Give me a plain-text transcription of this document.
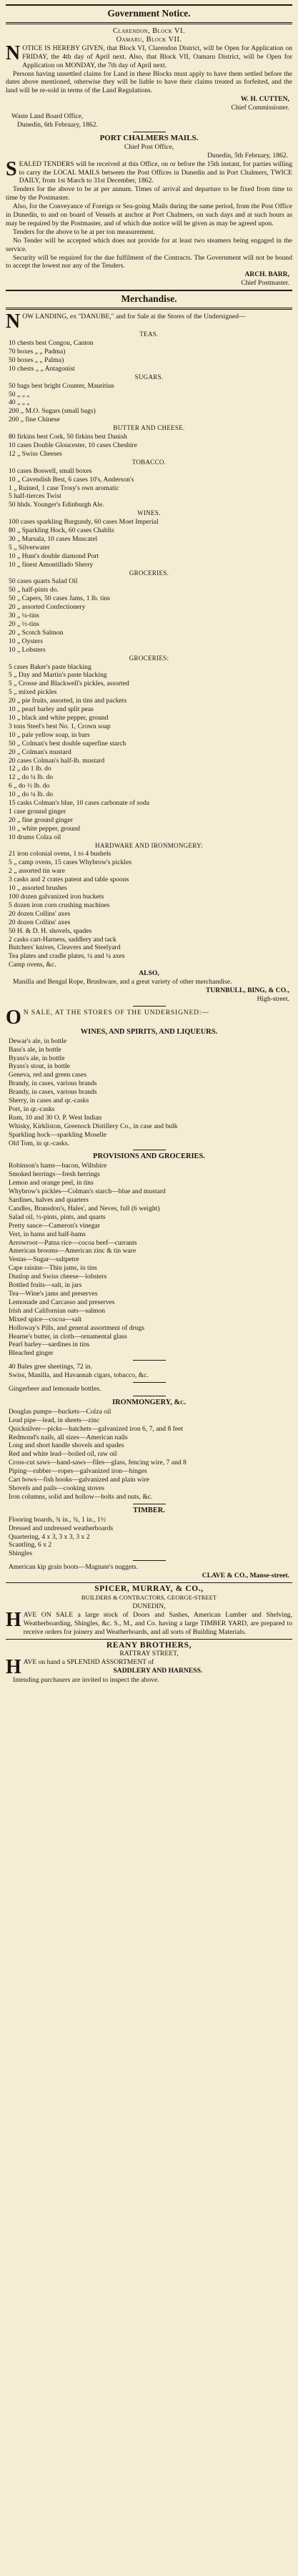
Government Notice.
Clarendon, Block VI.
Oamaru, Block VII.
N OTICE IS HEREBY GIVEN, that Block VI, Clarendon District, will be Open for Application on FRIDAY, the 4th day of April next. Also, that Block VII, Oamaru District, will be Open for Application on MONDAY, the 7th day of April next.

Persons having unsettled claims for Land in these Blocks must apply to have them settled before the dates above mentioned, otherwise they will be liable to have their claims treated as forfeited, and the land will be re-sold in terms of the Land Regulations.

W. H. CUTTEN,
Chief Commissioner.
Waste Land Board Office,
Dunedin, 6th February, 1862.
PORT CHALMERS MAILS.
Chief Post Office,
Dunedin, 5th February, 1862.
S EALED TENDERS will be received at this Office, on or before the 15th instant, for parties willing to carry the LOCAL MAILS between the Post Offices in Dunedin and in Port Chalmers, TWICE DAILY, from 1st March to 31st December, 1862.

Tenders for the above to be at per annum. Times of arrival and departure to be fixed from time to time by the Postmaster.

Also, for the Conveyance of Foreign or Sea-going Mails during the same period, from the Post Office in Dunedin, to and on board of Vessels at anchor at Port Chalmers, on such days and at such hours as may be required by the Postmaster, and of which due notice will be given as may be agreed upon.

Tenders for the above to be at per ton measurement.

No Tender will be accepted which does not provide for at least two steamers being engaged in the service.

Security will be required for the due fulfilment of the Contracts. The Government will not be bound to accept the lowest nor any of the Tenders.

ARCH. BARR,
Chief Postmaster.
Merchandise.
N OW LANDING, ex "DANUBE," and for Sale at the Stores of the Undersigned—

TEAS.
10 chests best Congou, Canton
70 boxes „ „ Padma)
50 boxes „ „ Palma)
10 chests „ „ Antagonist
SUGARS.
50 bags best bright Counter, Mauritius
50 „ „ „
40 „ „ „
200 „ M.O. Sugars (small bags)
200 „ fine Chinese
BUTTER AND CHEESE.
80 firkins best Cork, 50 firkins best Danish
10 cases Double Gloucester, 10 cases Cheshire
12 „ Swiss Cheeses
TOBACCO.
10 cases Boswell, small boxes
10 „ Cavendish Best, 6 cases 10's, Anderson's
1 „ Ruined, 1 case Trosy's own aromatic
5 half-tierces Twist
50 hhds. Younger's Edinburgh Ale.
WINES.
100 cases sparkling Burgundy, 60 cases Moet Imperial
80 „ Sparkling Hock, 60 cases Chablis
30 „ Marsala, 10 cases Muscatel
5 „ Silverwater
10 „ Hunt's double diamond Port
10 „ finest Amontillado Sherry
GROCERIES.
50 cases quarts Salad Oil
50 „ half-pints do.
50 „ Capers, 50 cases Jams, 1 lb. tins
20 „ assorted Confectionery
30 „ ¼-tins
20 „ ½-tins
20 „ Scotch Salmon
10 „ Oysters
10 „ Lobsters
GROCERIES:
5 cases Baker's paste blacking
5 „ Day and Martin's paste blacking
5 „ Crosse and Blackwell's pickles, assorted
5 „ mixed pickles
20 „ pie fruits, assorted, in tins and packets
10 „ pearl barley and split peas
10 „ black and white pepper, ground
3 tons Steel's best No. 1, Crown soap
10 „ pale yellow soap, in bars
50 „ Colman's best double superfine starch
20 „ Colman's mustard
20 cases Colman's half-lb. mustard
12 „ do 1 lb. do
12 „ do ¼ lb. do
6 „ do ½ lb. do
10 „ do ¼ lb. do
15 casks Colman's blue, 10 cases carbonate of soda
1 case ground ginger
20 „ fine ground ginger
10 „ white pepper, ground
10 drums Colza oil
HARDWARE AND IRONMONGERY:
21 iron colonial ovens, 1 to 4 bushels
5 „ camp ovens, 15 cases Whybrow's pickles
2 „ assorted tin ware
3 casks and 2 crates patent and table spoons
10 „ assorted brushes
100 dozen galvanized iron buckets
5 dozen iron corn crushing machines
20 dozen Collins' axes
20 dozen Collins' axes
50 H. & D. H. shovels, spades
2 casks cart-Harness, saddlery and tack
Butchers' knives, Cleavers and Steelyard
Tea plates and cradle plates, ¼ and ¼ axes
Camp ovens, &c.
ALSO,

Manilla and Bengal Rope, Brushware, and a great variety of other merchandise.

TURNBULL, BING, & CO.,
High-street.
O N SALE, AT THE STORES OF THE UNDERSIGNED:—

WINES, AND SPIRITS, AND LIQUEURS.
Dewar's ale, in bottle
Bass's ale, in bottle
Byass's ale, in bottle
Byass's stout, in bottle
Geneva, red and green cases
Brandy, in cases, various brands
Brandy, in cases, various brands
Sherry, in cases and qr.-casks
Port, in qr.-casks
Rum, 10 and 30 O. P. West Indian
Whisky, Kirkliston, Greenock Distillery Co., in case and bulk
Sparkling hock—sparkling Moselle
Old Tom, in qr.-casks.
PROVISIONS AND GROCERIES.
Robinson's hams—bacon, Wiltshire
Smoked herrings—fresh herrings
Lemon and orange peel, in tins
Whybrow's pickles—Colman's starch—blue and mustard
Sardines, halves and quarters
Candles, Bransdon's, Hales', and Neves, full (6 weight)
Salad oil, ½-pints, pints, and quarts
Pretty sauce—Cameron's vinegar
Vert, in hams and half-hams
Arrowroot—Patna rice—cocoa beef—currants
American brooms—American zinc & tin ware
Vestas—Sugar—saltpetre
Cape raisins—Thin jams, in tins
Dunlop and Swiss cheese—lobsters
Bottled fruits—salt, in jars
Tea—Wine's jams and preserves
Lemonade and Carcasso and preserves
Irish and Californian oats—salmon
Mixed spice—cocoa—salt
Holloway's Pills, and general assortment of drugs
Hearne's butter, in cloth—ornamental glass
Pearl barley—sardines in tins
Bleached ginger
40 Bales gree sheetings, 72 in.
Swiss, Manilla, and Havannah cigars, tobacco, &c.
Gingerbeer and lemonade bottles.
IRONMONGERY, &c.
Douglas pumps—buckets—Colza oil
Lead pipe—lead, in sheets—zinc
Quicksilver—picks—hatchets—galvanized iron 6, 7, and 8 feet
Redmond's nails, all sizes—American nails
Long and short handle shovels and spades
Red and white lead—boiled oil, raw oil
Cross-cut saws—hand-saws—files—glass, fencing wire, 7 and 8
Piping—rubber—ropes—galvanized iron—hinges
Cart bows—fish hooks—galvanized and plain wire
Shovels and pails—cooking stoves
Iron columns, solid and hollow—bolts and nuts, &c.
TIMBER.
Flooring boards, ¾ in., ¾, 1 in., 1½
Dressed and undressed weatherboards
Quartering, 4 x 3, 3 x 3, 3 x 2
Scantling, 6 x 2
Shingles
American kip grain boots—Magnate's nuggets.
CLAVE & CO., Manse-street.
SPICER, MURRAY, & CO.,
BUILDERS & CONTRACTORS, GEORGE-STREET
DUNEDIN,
H AVE ON SALE a large stock of Doors and Sashes, American Lumber and Shelving, Weatherboarding, Shingles, &c. S., M., and Co. having a large TIMBER YARD, are prepared to receive orders for joinery and Weatherboards, and all sorts of Building Materials.

REANY BROTHERS,
RATTRAY STREET,
H AVE on hand a SPLENDID ASSORTMENT of

SADDLERY AND HARNESS.

Intending purchasers are invited to inspect the above.
